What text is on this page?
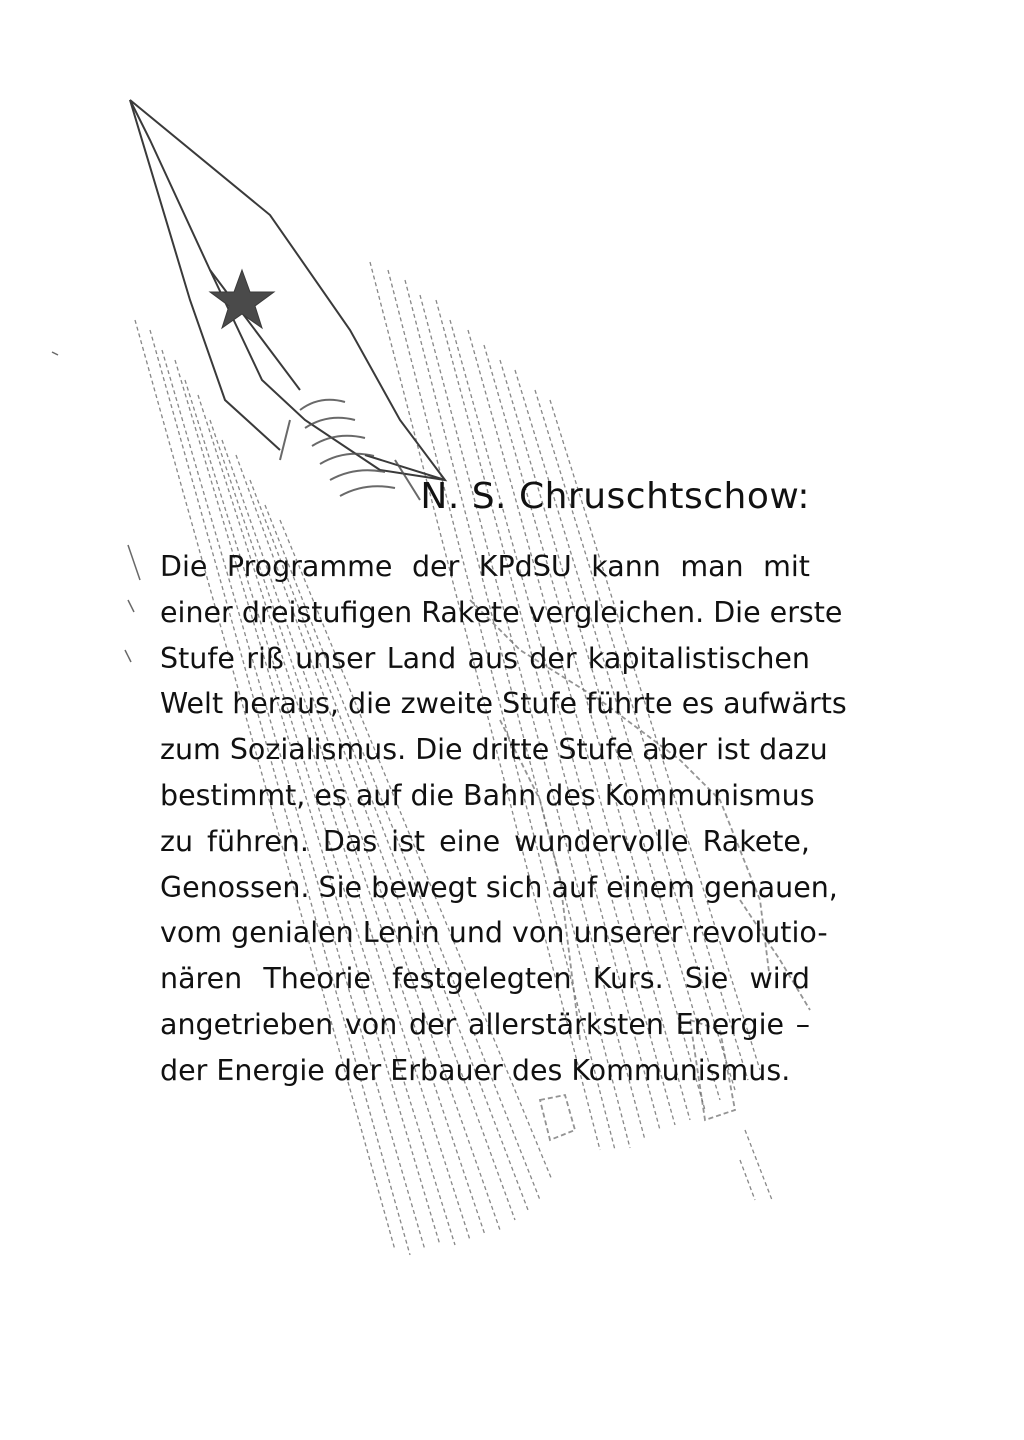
N. S. Chruschtschow:
Die Programme der KPdSU kann man mit
einer dreistufigen Rakete vergleichen. Die erste
Stufe riß unser Land aus der kapitalistischen
Welt heraus, die zweite Stufe führte es aufwärts
zum Sozialismus. Die dritte Stufe aber ist dazu
bestimmt, es auf die Bahn des Kommunismus
zu führen. Das ist eine wundervolle Rakete,
Genossen. Sie bewegt sich auf einem genauen,
vom genialen Lenin und von unserer revolutio-
nären Theorie festgelegten Kurs. Sie wird
angetrieben von der allerstärksten Energie –
der Energie der Erbauer des Kommunismus.
